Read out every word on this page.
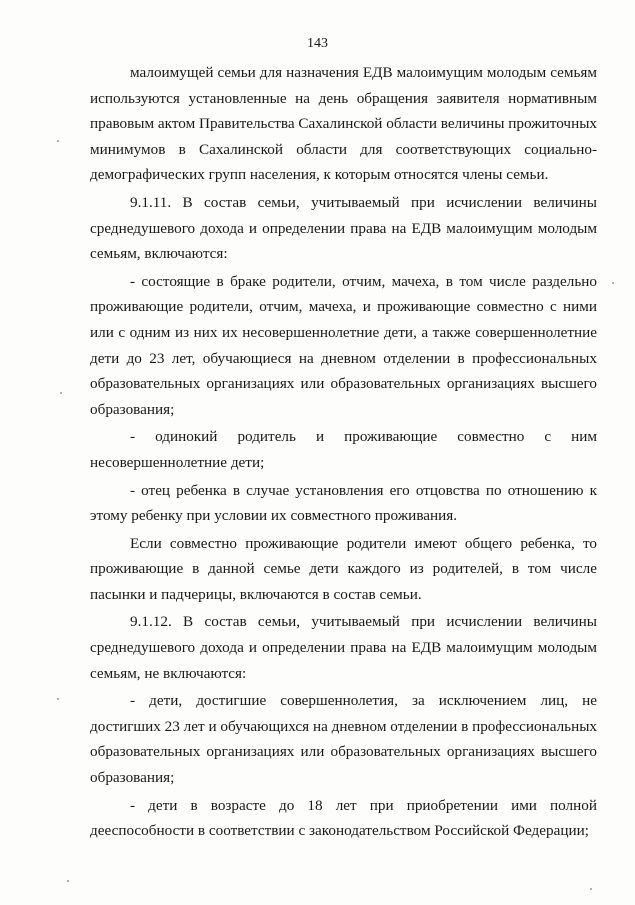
143

малоимущей семьи для назначения ЕДВ малоимущим молодым семьям используются установленные на день обращения заявителя нормативным правовым актом Правительства Сахалинской области величины прожиточных минимумов в Сахалинской области для соответствующих социально-демографических групп населения, к которым относятся члены семьи.

9.1.11. В состав семьи, учитываемый при исчислении величины среднедушевого дохода и определении права на ЕДВ малоимущим молодым семьям, включаются:

- состоящие в браке родители, отчим, мачеха, в том числе раздельно проживающие родители, отчим, мачеха, и проживающие совместно с ними или с одним из них их несовершеннолетние дети, а также совершеннолетние дети до 23 лет, обучающиеся на дневном отделении в профессиональных образовательных организациях или образовательных организациях высшего образования;

- одинокий родитель и проживающие совместно с ним несовершеннолетние дети;

- отец ребенка в случае установления его отцовства по отношению к этому ребенку при условии их совместного проживания.

Если совместно проживающие родители имеют общего ребенка, то проживающие в данной семье дети каждого из родителей, в том числе пасынки и падчерицы, включаются в состав семьи.

9.1.12. В состав семьи, учитываемый при исчислении величины среднедушевого дохода и определении права на ЕДВ малоимущим молодым семьям, не включаются:

- дети, достигшие совершеннолетия, за исключением лиц, не достигших 23 лет и обучающихся на дневном отделении в профессиональных образовательных организациях или образовательных организациях высшего образования;

- дети в возрасте до 18 лет при приобретении ими полной дееспособности в соответствии с законодательством Российской Федерации;
